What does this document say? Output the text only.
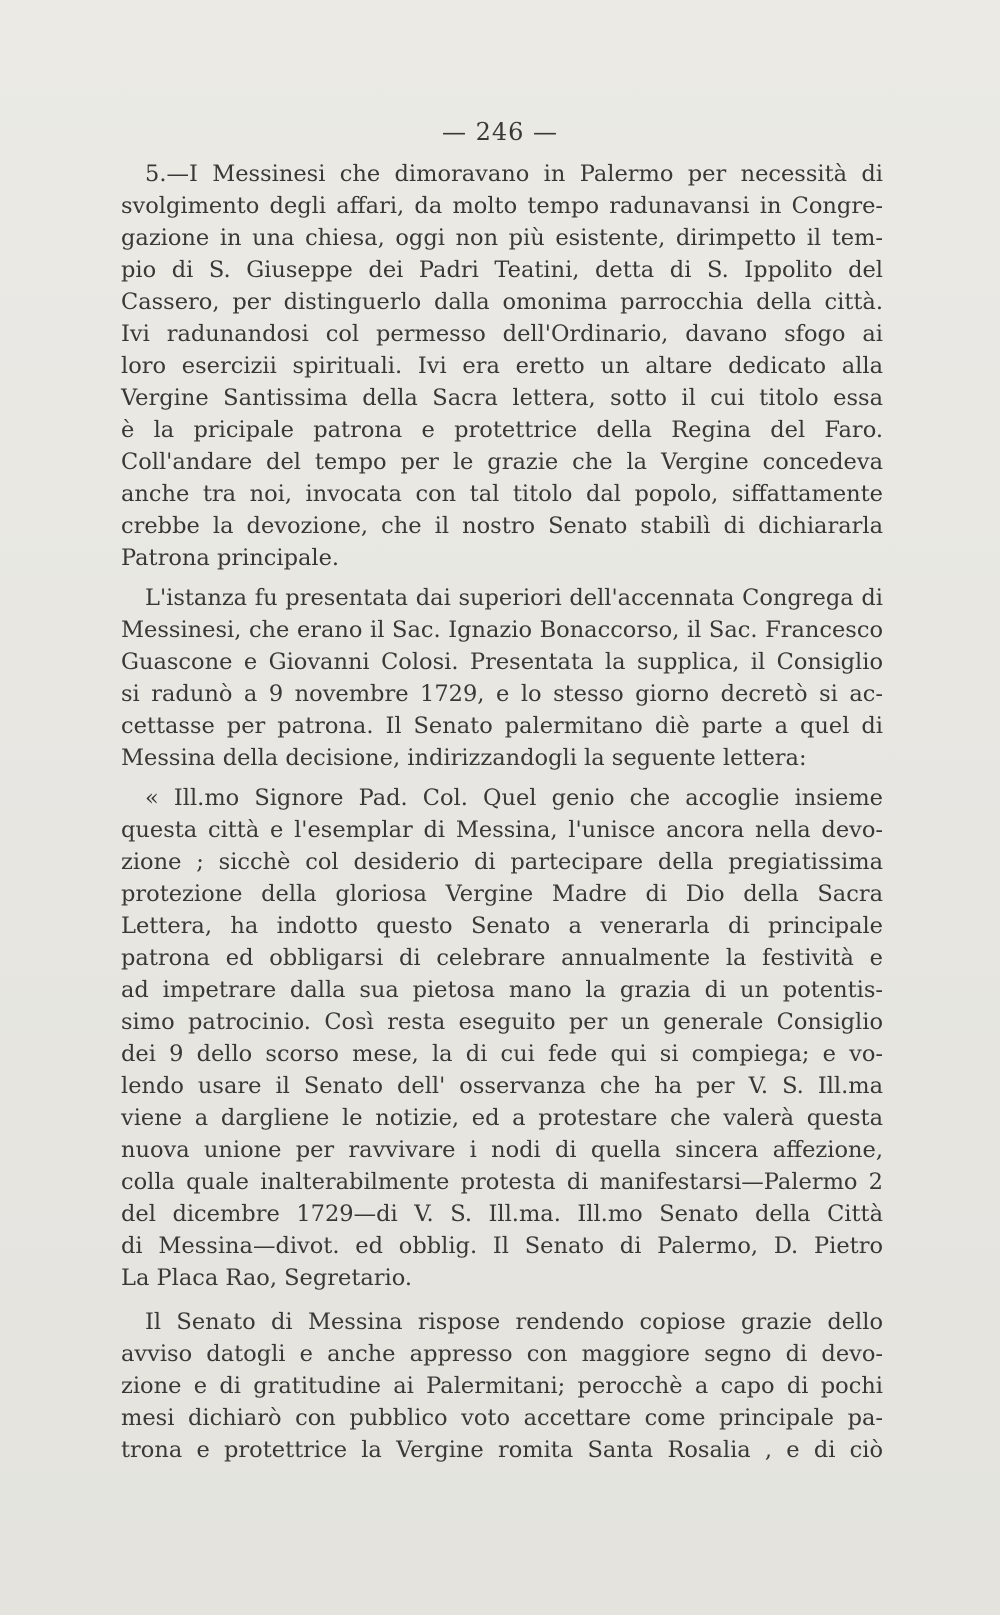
— 246 —
5.—I Messinesi che dimoravano in Palermo per necessità di
svolgimento degli affari, da molto tempo radunavansi in Congre-
gazione in una chiesa, oggi non più esistente, dirimpetto il tem-
pio di S. Giuseppe dei Padri Teatini, detta di S. Ippolito del
Cassero, per distinguerlo dalla omonima parrocchia della città.
Ivi radunandosi col permesso dell'Ordinario, davano sfogo ai
loro esercizii spirituali. Ivi era eretto un altare dedicato alla
Vergine Santissima della Sacra lettera, sotto il cui titolo essa
è la pricipale patrona e protettrice della Regina del Faro.
Coll'andare del tempo per le grazie che la Vergine concedeva
anche tra noi, invocata con tal titolo dal popolo, siffattamente
crebbe la devozione, che il nostro Senato stabilì di dichiararla
Patrona principale.
L'istanza fu presentata dai superiori dell'accennata Congrega di
Messinesi, che erano il Sac. Ignazio Bonaccorso, il Sac. Francesco
Guascone e Giovanni Colosi. Presentata la supplica, il Consiglio
si radunò a 9 novembre 1729, e lo stesso giorno decretò si ac-
cettasse per patrona. Il Senato palermitano diè parte a quel di
Messina della decisione, indirizzandogli la seguente lettera:
« Ill.mo Signore Pad. Col. Quel genio che accoglie insieme
questa città e l'esemplar di Messina, l'unisce ancora nella devo-
zione ; sicchè col desiderio di partecipare della pregiatissima
protezione della gloriosa Vergine Madre di Dio della Sacra
Lettera, ha indotto questo Senato a venerarla di principale
patrona ed obbligarsi di celebrare annualmente la festività e
ad impetrare dalla sua pietosa mano la grazia di un potentis-
simo patrocinio. Così resta eseguito per un generale Consiglio
dei 9 dello scorso mese, la di cui fede qui si compiega; e vo-
lendo usare il Senato dell' osservanza che ha per V. S. Ill.ma
viene a dargliene le notizie, ed a protestare che valerà questa
nuova unione per ravvivare i nodi di quella sincera affezione,
colla quale inalterabilmente protesta di manifestarsi—Palermo 2
del dicembre 1729—di V. S. Ill.ma. Ill.mo Senato della Città
di Messina—divot. ed obblig. Il Senato di Palermo, D. Pietro
La Placa Rao, Segretario.
Il Senato di Messina rispose rendendo copiose grazie dello
avviso datogli e anche appresso con maggiore segno di devo-
zione e di gratitudine ai Palermitani; perocchè a capo di pochi
mesi dichiarò con pubblico voto accettare come principale pa-
trona e protettrice la Vergine romita Santa Rosalia , e di ciò
